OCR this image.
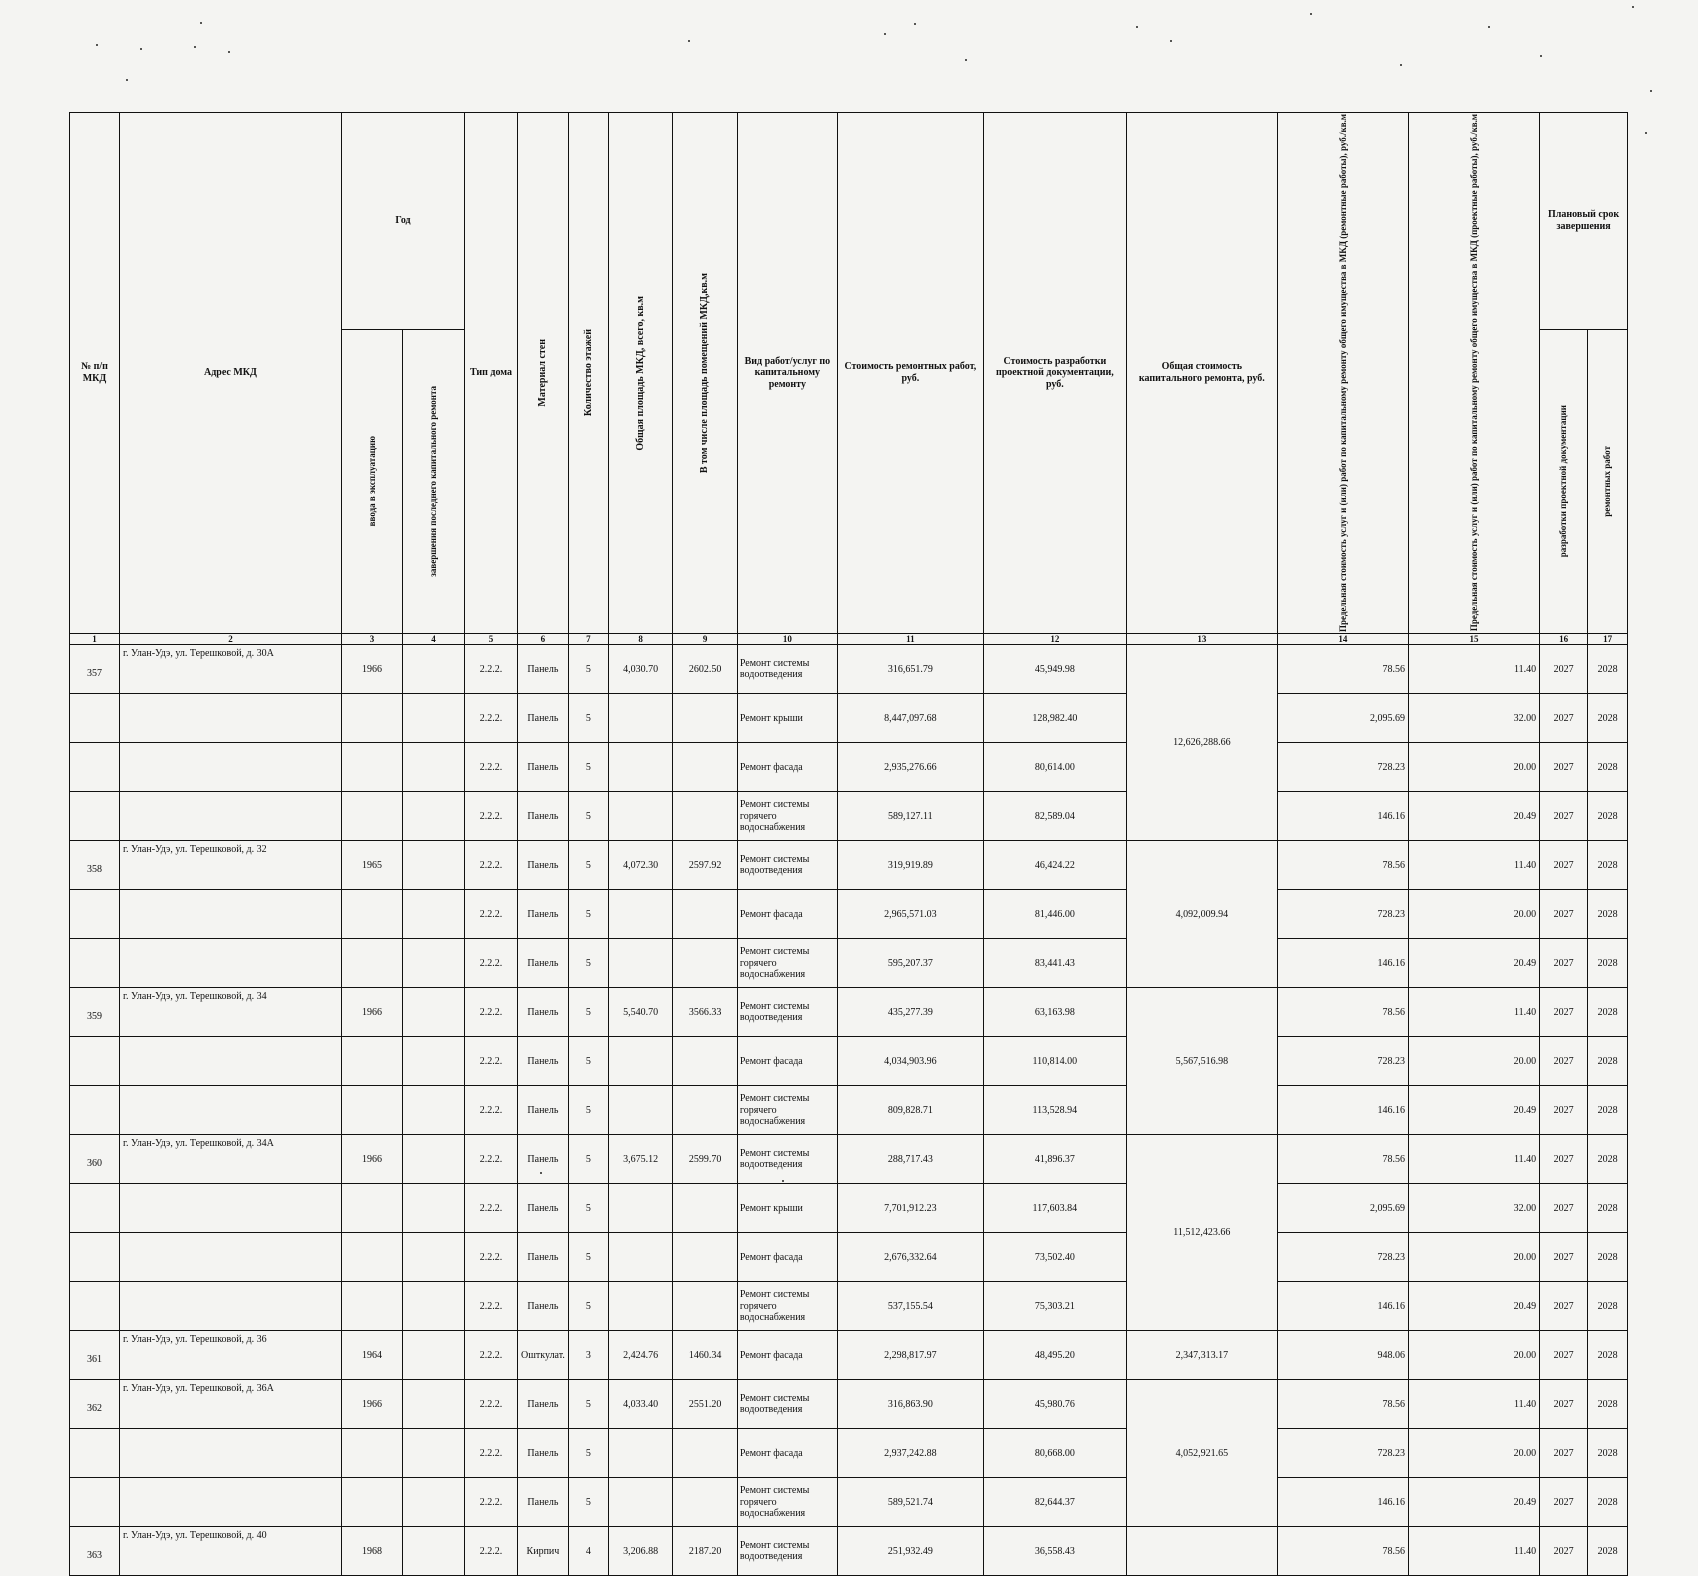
№ п/п МКД	Адрес МКД	Год		Тип дома	Материал стен	Количество этажей	Общая площадь МКД, всего, кв.м	В том числе площадь помещений МКД,кв.м	Вид работ/услуг по капитальному ремонту	Стоимость ремонтных работ, руб.	Стоимость разработки проектной документации, руб.	Общая стоимость капитального ремонта, руб.	Предельная стоимость услуг и (или) работ по капитальному ремонту общего имущества в МКД (ремонтные работы), руб./кв.м	Предельная стоимость услуг и (или) работ по капитальному ремонту общего имущества в МКД (проектные работы), руб./кв.м	Плановый срок завершения	

		ввода в эксплуатацию	завершения последнего капитального ремонта												разработки проектной документации	ремонтных работ

1	2	3	4	5	6	7	8	9	10	11	12	13	14	15	16	17
357	г. Улан-Удэ, ул. Терешковой, д. 30А	1966		2.2.2.	Панель	5	4,030.70	2602.50	Ремонт системы водоотведения	316,651.79	45,949.98	12,626,288.66	78.56	11.40	2027	2028
				2.2.2.	Панель	5			Ремонт крыши	8,447,097.68	128,982.40		2,095.69	32.00	2027	2028
				2.2.2.	Панель	5			Ремонт фасада	2,935,276.66	80,614.00		728.23	20.00	2027	2028
				2.2.2.	Панель	5			Ремонт системы горячего водоснабжения	589,127.11	82,589.04		146.16	20.49	2027	2028
358	г. Улан-Удэ, ул. Терешковой, д. 32	1965		2.2.2.	Панель	5	4,072.30	2597.92	Ремонт системы водоотведения	319,919.89	46,424.22	4,092,009.94	78.56	11.40	2027	2028
				2.2.2.	Панель	5			Ремонт фасада	2,965,571.03	81,446.00		728.23	20.00	2027	2028
				2.2.2.	Панель	5			Ремонт системы горячего водоснабжения	595,207.37	83,441.43		146.16	20.49	2027	2028
359	г. Улан-Удэ, ул. Терешковой, д. 34	1966		2.2.2.	Панель	5	5,540.70	3566.33	Ремонт системы водоотведения	435,277.39	63,163.98	5,567,516.98	78.56	11.40	2027	2028
				2.2.2.	Панель	5			Ремонт фасада	4,034,903.96	110,814.00		728.23	20.00	2027	2028
				2.2.2.	Панель	5			Ремонт системы горячего водоснабжения	809,828.71	113,528.94		146.16	20.49	2027	2028
360	г. Улан-Удэ, ул. Терешковой, д. 34А	1966		2.2.2.	Панель	5	3,675.12	2599.70	Ремонт системы водоотведения	288,717.43	41,896.37	11,512,423.66	78.56	11.40	2027	2028
				2.2.2.	Панель	5			Ремонт крыши	7,701,912.23	117,603.84		2,095.69	32.00	2027	2028
				2.2.2.	Панель	5			Ремонт фасада	2,676,332.64	73,502.40		728.23	20.00	2027	2028
				2.2.2.	Панель	5			Ремонт системы горячего водоснабжения	537,155.54	75,303.21		146.16	20.49	2027	2028
361	г. Улан-Удэ, ул. Терешковой, д. 36	1964		2.2.2.	Ошткулат.	3	2,424.76	1460.34	Ремонт фасада	2,298,817.97	48,495.20	2,347,313.17	948.06	20.00	2027	2028
362	г. Улан-Удэ, ул. Терешковой, д. 36А	1966		2.2.2.	Панель	5	4,033.40	2551.20	Ремонт системы водоотведения	316,863.90	45,980.76	4,052,921.65	78.56	11.40	2027	2028
				2.2.2.	Панель	5			Ремонт фасада	2,937,242.88	80,668.00		728.23	20.00	2027	2028
				2.2.2.	Панель	5			Ремонт системы горячего водоснабжения	589,521.74	82,644.37		146.16	20.49	2027	2028
363	г. Улан-Удэ, ул. Терешковой, д. 40	1968		2.2.2.	Кирпич	4	3,206.88	2187.20	Ремонт системы водоотведения	251,932.49	36,558.43		78.56	11.40	2027	2028
